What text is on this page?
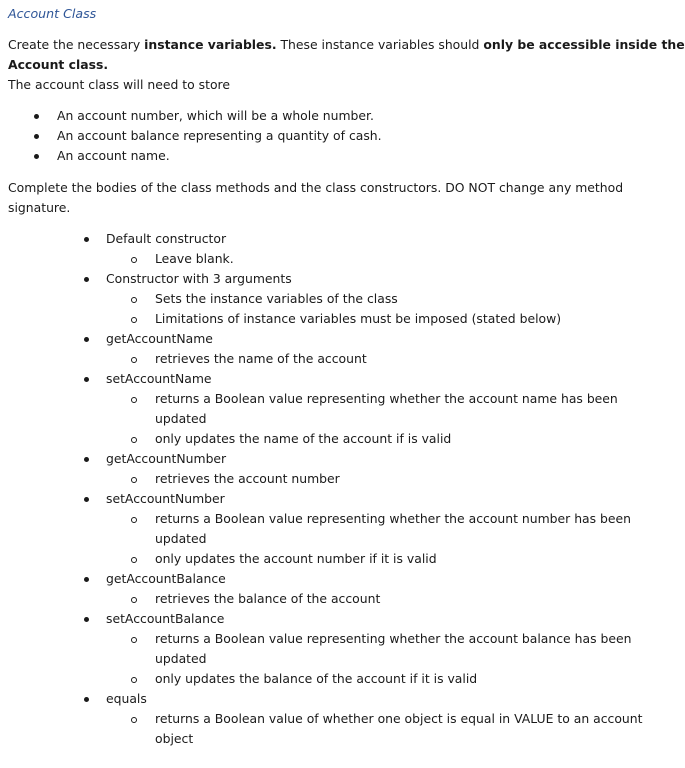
Account Class
Create the necessary instance variables. These instance variables should only be accessible inside the
Account class.
The account class will need to store
An account number, which will be a whole number.
An account balance representing a quantity of cash.
An account name.
Complete the bodies of the class methods and the class constructors. DO NOT change any method
signature.
Default constructor
Leave blank.
Constructor with 3 arguments
Sets the instance variables of the class
Limitations of instance variables must be imposed (stated below)
getAccountName
retrieves the name of the account
setAccountName
returns a Boolean value representing whether the account name has been
updated
only updates the name of the account if is valid
getAccountNumber
retrieves the account number
setAccountNumber
returns a Boolean value representing whether the account number has been
updated
only updates the account number if it is valid
getAccountBalance
retrieves the balance of the account
setAccountBalance
returns a Boolean value representing whether the account balance has been
updated
only updates the balance of the account if it is valid
equals
returns a Boolean value of whether one object is equal in VALUE to an account
object
